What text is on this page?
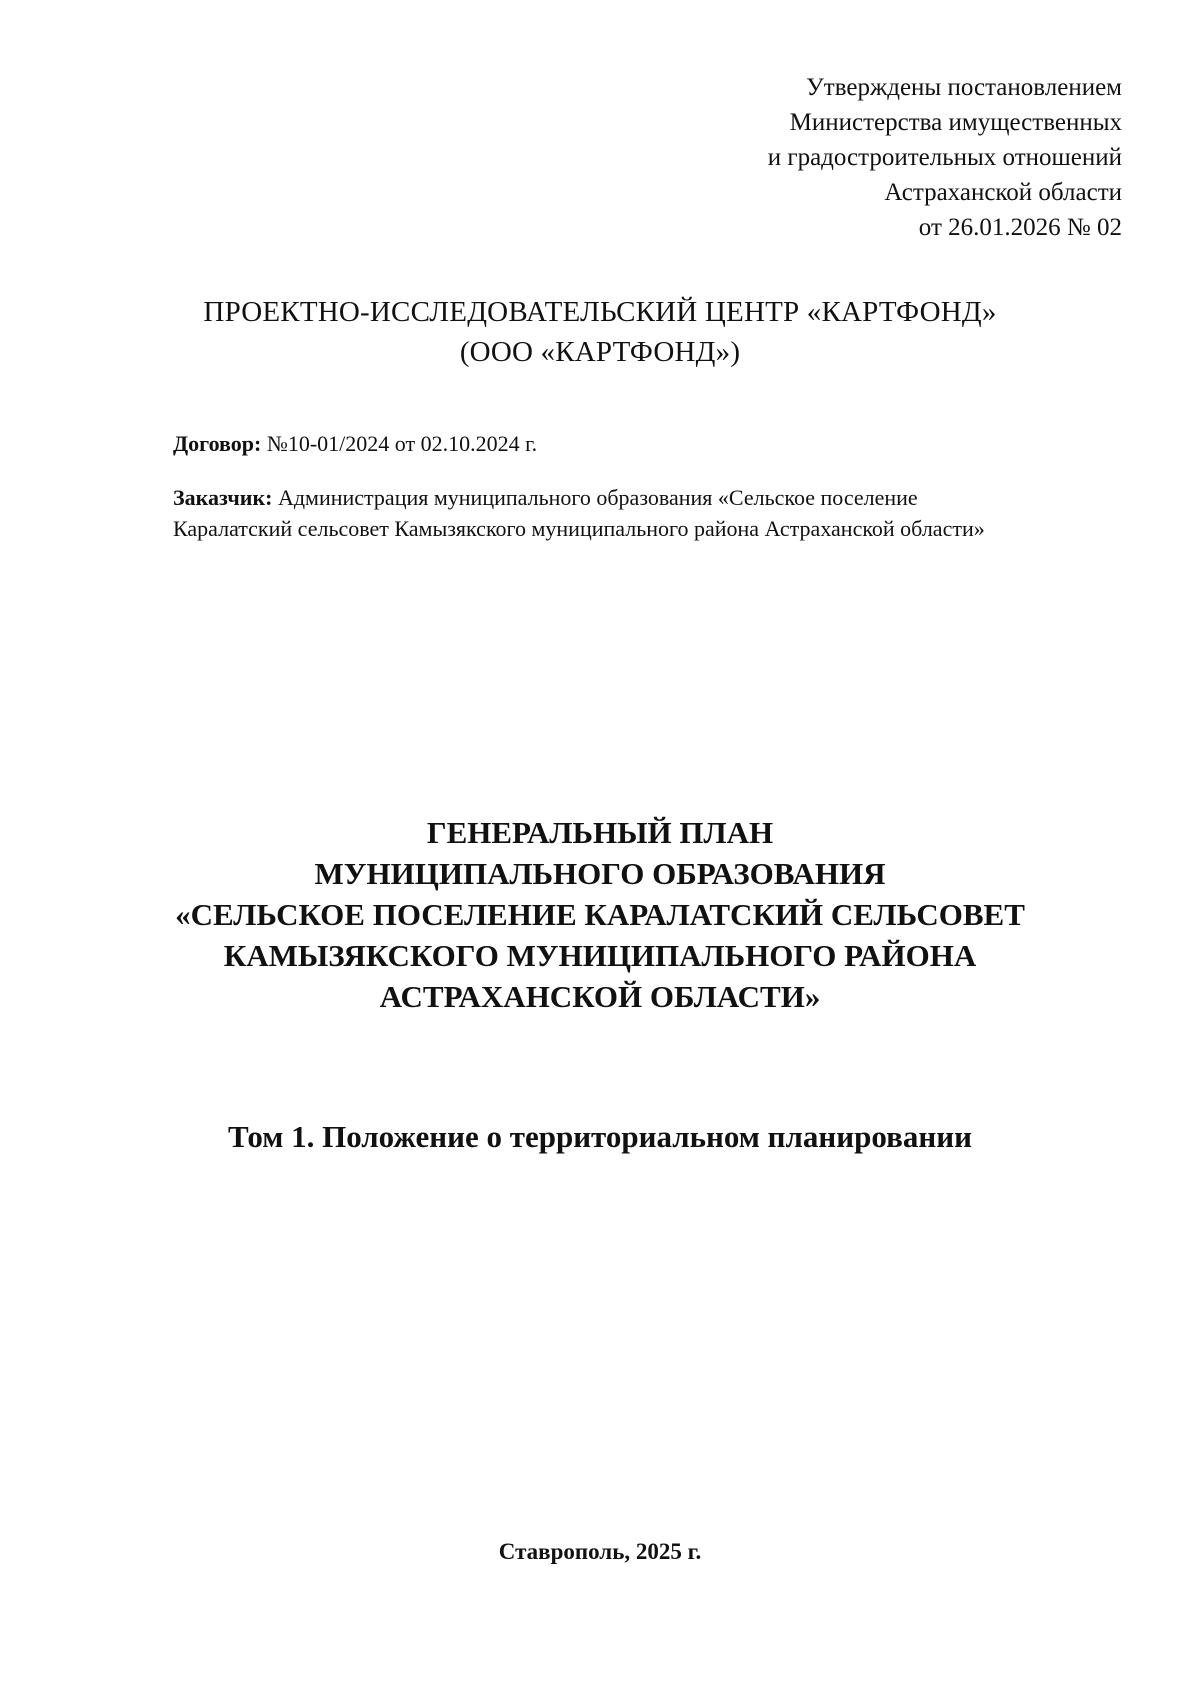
Утверждены постановлением
Министерства имущественных
и градостроительных отношений
Астраханской области
от 26.01.2026 № 02
ПРОЕКТНО-ИССЛЕДОВАТЕЛЬСКИЙ ЦЕНТР «КАРТФОНД»
(ООО «КАРТФОНД»)
Договор: №10-01/2024 от 02.10.2024 г.
Заказчик: Администрация муниципального образования «Сельское поселение
Каралатский сельсовет Камызякского муниципального района Астраханской области»
ГЕНЕРАЛЬНЫЙ ПЛАН
МУНИЦИПАЛЬНОГО ОБРАЗОВАНИЯ
«СЕЛЬСКОЕ ПОСЕЛЕНИЕ КАРАЛАТСКИЙ СЕЛЬСОВЕТ
КАМЫЗЯКСКОГО МУНИЦИПАЛЬНОГО РАЙОНА
АСТРАХАНСКОЙ ОБЛАСТИ»
Том 1. Положение о территориальном планировании
Ставрополь, 2025 г.
